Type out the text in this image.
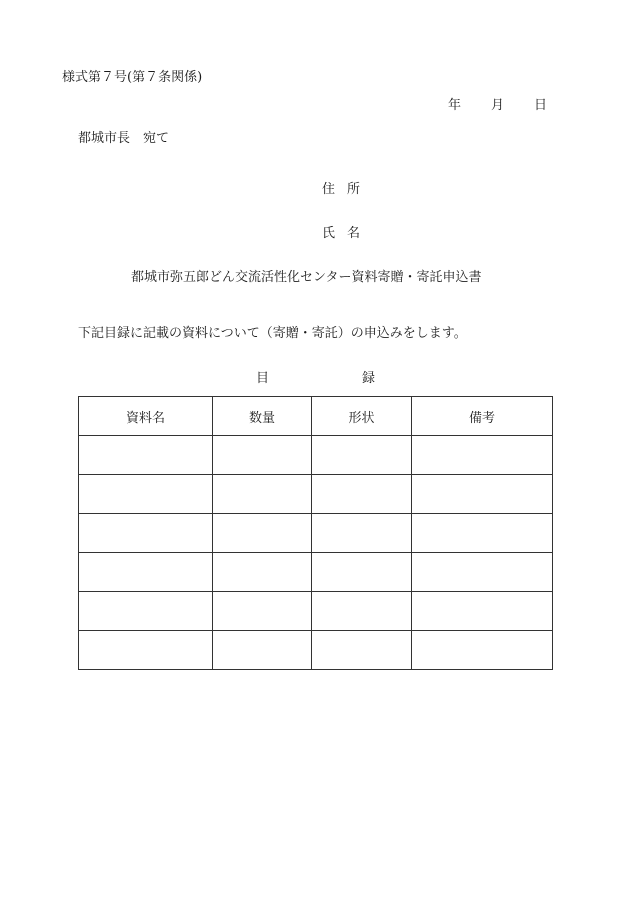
様式第７号(第７条関係)
年	月	日
都城市長　宛て
住所
氏名
都城市弥五郎どん交流活性化センター資料寄贈・寄託申込書
下記目録に記載の資料について（寄贈・寄託）の申込みをします。
目	録
資料名	数量	形状	備考
